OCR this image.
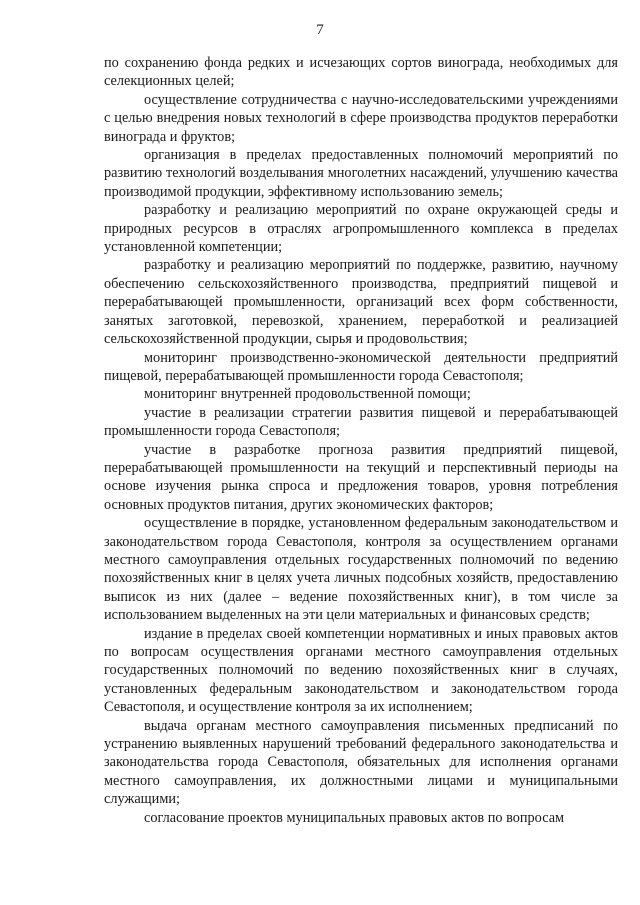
7

по сохранению фонда редких и исчезающих сортов винограда, необходимых для селекционных целей;

осуществление сотрудничества с научно-исследовательскими учреждениями с целью внедрения новых технологий в сфере производства продуктов переработки винограда и фруктов;

организация в пределах предоставленных полномочий мероприятий по развитию технологий возделывания многолетних насаждений, улучшению качества производимой продукции, эффективному использованию земель;

разработку и реализацию мероприятий по охране окружающей среды и природных ресурсов в отраслях агропромышленного комплекса в пределах установленной компетенции;

разработку и реализацию мероприятий по поддержке, развитию, научному обеспечению сельскохозяйственного производства, предприятий пищевой и перерабатывающей промышленности, организаций всех форм собственности, занятых заготовкой, перевозкой, хранением, переработкой и реализацией сельскохозяйственной продукции, сырья и продовольствия;

мониторинг производственно-экономической деятельности предприятий пищевой, перерабатывающей промышленности города Севастополя;

мониторинг внутренней продовольственной помощи;

участие в реализации стратегии развития пищевой и перерабатывающей промышленности города Севастополя;

участие в разработке прогноза развития предприятий пищевой, перерабатывающей промышленности на текущий и перспективный периоды на основе изучения рынка спроса и предложения товаров, уровня потребления основных продуктов питания, других экономических факторов;

осуществление в порядке, установленном федеральным законодательством и законодательством города Севастополя, контроля за осуществлением органами местного самоуправления отдельных государственных полномочий по ведению похозяйственных книг в целях учета личных подсобных хозяйств, предоставлению выписок из них (далее – ведение похозяйственных книг), в том числе за использованием выделенных на эти цели материальных и финансовых средств;

издание в пределах своей компетенции нормативных и иных правовых актов по вопросам осуществления органами местного самоуправления отдельных государственных полномочий по ведению похозяйственных книг в случаях, установленных федеральным законодательством и законодательством города Севастополя, и осуществление контроля за их исполнением;

выдача органам местного самоуправления письменных предписаний по устранению выявленных нарушений требований федерального законодательства и законодательства города Севастополя, обязательных для исполнения органами местного самоуправления, их должностными лицами и муниципальными служащими;

согласование проектов муниципальных правовых актов по вопросам
